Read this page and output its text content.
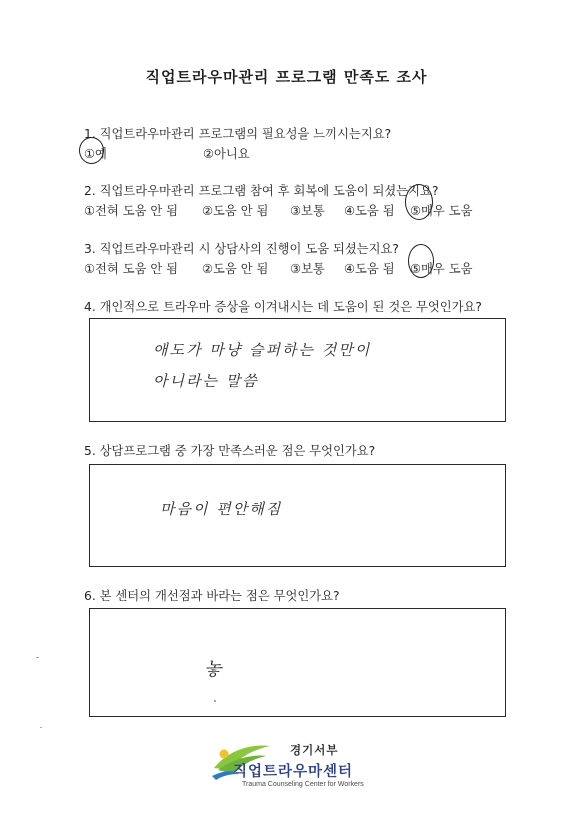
직업트라우마관리 프로그램 만족도 조사
1. 직업트라우마관리 프로그램의 필요성을 느끼시는지요?
①예	②아니요
2. 직업트라우마관리 프로그램 참여 후 회복에 도움이 되셨는지요?
①전혀 도움 안 됨 ②도움 안 됨 ③보통 ④도움 됨 ⑤매우 도움
3. 직업트라우마관리 시 상담사의 진행이 도움 되셨는지요?
①전혀 도움 안 됨 ②도움 안 됨 ③보통 ④도움 됨 ⑤매우 도움
4. 개인적으로 트라우마 증상을 이겨내시는 데 도움이 된 것은 무엇인가요?
애도가 마냥 슬퍼하는 것만이
아니라는 말씀
5. 상담프로그램 중 가장 만족스러운 점은 무엇인가요?
마음이 편안해짐
6. 본 센터의 개선점과 바라는 점은 무엇인가요?
놓
경기서부
직업트라우마센터
Trauma Counseling Center for Workers
